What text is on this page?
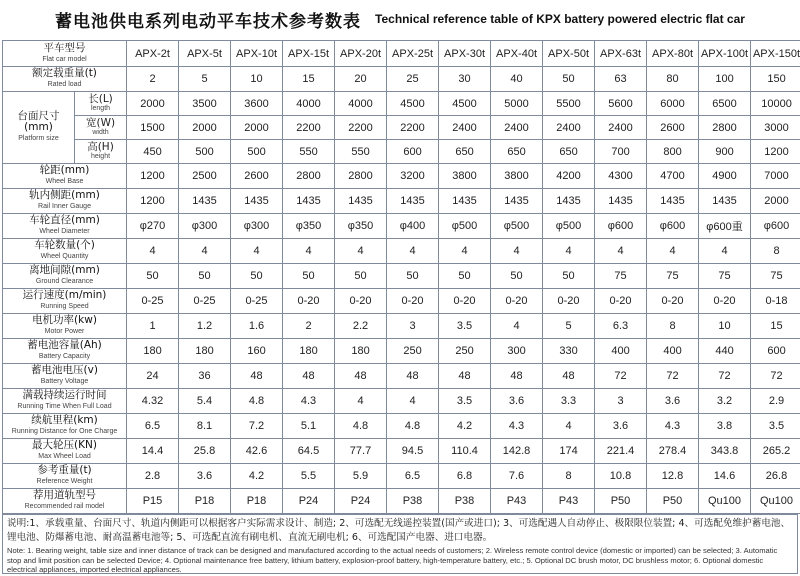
蓄电池供电系列电动平车技术参考数表 Technical reference table of KPX battery powered electric flat car
平车型号
Flat car model		APX-2t	APX-5t	APX-10t	APX-15t	APX-20t	APX-25t	APX-30t	APX-40t	APX-50t	APX-63t	APX-80t	APX-100t	APX-150t

额定载重量(t)
Rated load		2	5	10	15	20	25	30	40	50	63	80	100	150

台面尺寸
(mm)
Platform size	长(L)
length	2000	3500	3600	4000	4000	4500	4500	5000	5500	5600	6000	6500	10000

	宽(W)
width	1500	2000	2000	2200	2200	2200	2400	2400	2400	2400	2600	2800	3000

	高(H)
height	450	500	500	550	550	600	650	650	650	700	800	900	1200

轮距(mm)
Wheel Base		1200	2500	2600	2800	2800	3200	3800	3800	4200	4300	4700	4900	7000

轨内侧距(mm)
Rail Inner Gauge		1200	1435	1435	1435	1435	1435	1435	1435	1435	1435	1435	1435	2000

车轮直径(mm)
Wheel Diameter		φ270	φ300	φ300	φ350	φ350	φ400	φ500	φ500	φ500	φ600	φ600	φ600重	φ600

车轮数量(个)
Wheel Quantity		4	4	4	4	4	4	4	4	4	4	4	4	8

离地间隙(mm)
Ground Clearance		50	50	50	50	50	50	50	50	50	75	75	75	75

运行速度(m/min)
Running Speed		0-25	0-25	0-25	0-20	0-20	0-20	0-20	0-20	0-20	0-20	0-20	0-20	0-18

电机功率(kw)
Motor Power		1	1.2	1.6	2	2.2	3	3.5	4	5	6.3	8	10	15

蓄电池容量(Ah)
Battery Capacity		180	180	160	180	180	250	250	300	330	400	400	440	600

蓄电池电压(v)
Battery Voltage		24	36	48	48	48	48	48	48	48	72	72	72	72

满载持续运行时间
Running Time When Full Load		4.32	5.4	4.8	4.3	4	4	3.5	3.6	3.3	3	3.6	3.2	2.9

续航里程(km)
Running Distance for One Charge		6.5	8.1	7.2	5.1	4.8	4.8	4.2	4.3	4	3.6	4.3	3.8	3.5

最大轮压(KN)
Max Wheel Load		14.4	25.8	42.6	64.5	77.7	94.5	110.4	142.8	174	221.4	278.4	343.8	265.2

参考重量(t)
Reference Weight		2.8	3.6	4.2	5.5	5.9	6.5	6.8	7.6	8	10.8	12.8	14.6	26.8

荐用道轨型号
Recommended rail model		P15	P18	P18	P24	P24	P38	P38	P43	P43	P50	P50	Qu100	Qu100
说明:1、承载重量、台面尺寸、轨道内侧距可以根据客户实际需求设计、制造; 2、可选配无线遥控装置(国产或进口); 3、可选配遇人自动停止、极限限位装置; 4、可选配免维护蓄电池、锂电池、防爆蓄电池、耐高温蓄电池等; 5、可选配直流有刷电机、直流无刷电机; 6、可选配国产电器、进口电器。
Note: 1. Bearing weight, table size and inner distance of track can be designed and manufactured according to the actual needs of customers; 2. Wireless remote control device (domestic or imported) can be selected; 3. Automatic stop and limit position can be selected Device; 4. Optional maintenance free battery, lithium battery, explosion-proof battery, high-temperature battery, etc.; 5. Optional DC brush motor, DC brushless motor; 6. Optional domestic electrical appliances, imported electrical appliances.
